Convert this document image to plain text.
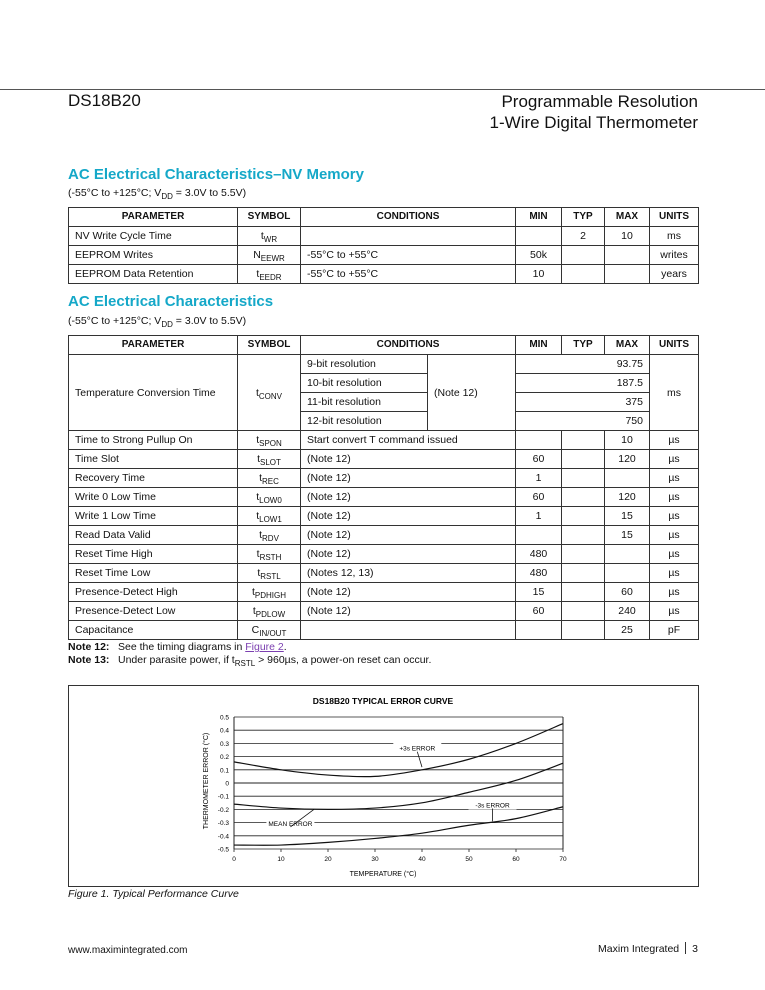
DS18B20	Programmable Resolution
1-Wire Digital Thermometer
AC Electrical Characteristics–NV Memory
(-55°C to +125°C; $V_{DD} = 3.0V$ to 5.5V)
PARAMETER	SYMBOL	CONDITIONS	MIN	TYP	MAX	UNITS
NV Write Cycle Time	$t_{WR}$			2	10	ms
EEPROM Writes	$N_{EEWR}$	-55°C to +55°C	50k			writes
EEPROM Data Retention	$t_{EEDR}$	-55°C to +55°C	10			years
AC Electrical Characteristics
(-55°C to +125°C; $V_{DD} = 3.0V$ to 5.5V)
PARAMETER	SYMBOL	CONDITIONS		MIN	TYP	MAX	UNITS
Temperature Conversion Time	$t_{CONV}$	9-bit resolution	(Note 12)	93.75			ms
		10-bit resolution		187.5			
		11-bit resolution		375			
		12-bit resolution		750			
Time to Strong Pullup On	$t_{SPON}$	Start convert T command issued				10	µs
Time Slot	$t_{SLOT}$	(Note 12)		60		120	µs
Recovery Time	$t_{REC}$	(Note 12)		1			µs
Write 0 Low Time	$t_{LOW0}$	(Note 12)		60		120	µs
Write 1 Low Time	$t_{LOW1}$	(Note 12)		1		15	µs
Read Data Valid	$t_{RDV}$	(Note 12)				15	µs
Reset Time High	$t_{RSTH}$	(Note 12)		480			µs
Reset Time Low	$t_{RSTL}$	(Notes 12, 13)		480			µs
Presence-Detect High	$t_{PDHIGH}$	(Note 12)		15		60	µs
Presence-Detect Low	$t_{PDLOW}$	(Note 12)		60		240	µs
Capacitance	$C_{IN/OUT}$					25	pF
Note 12: See the timing diagrams in Figure 2.
Note 13: Under parasite power, if $t_{RSTL} > 960\mu s$, a power-on reset can occur.
DS18B20 TYPICAL ERROR CURVE
TEMPERATURE (°C)
THERMOMETER ERROR (°C)
0.5
0.4
0.3
0.2
0.1
0
-0.1
-0.2
-0.3
-0.4
-0.5
0	10	20	30	40	50	60	70
+3s ERROR
MEAN ERROR
-3s ERROR
Figure 1. Typical Performance Curve
www.maximintegrated.com	Maxim Integrated 3
